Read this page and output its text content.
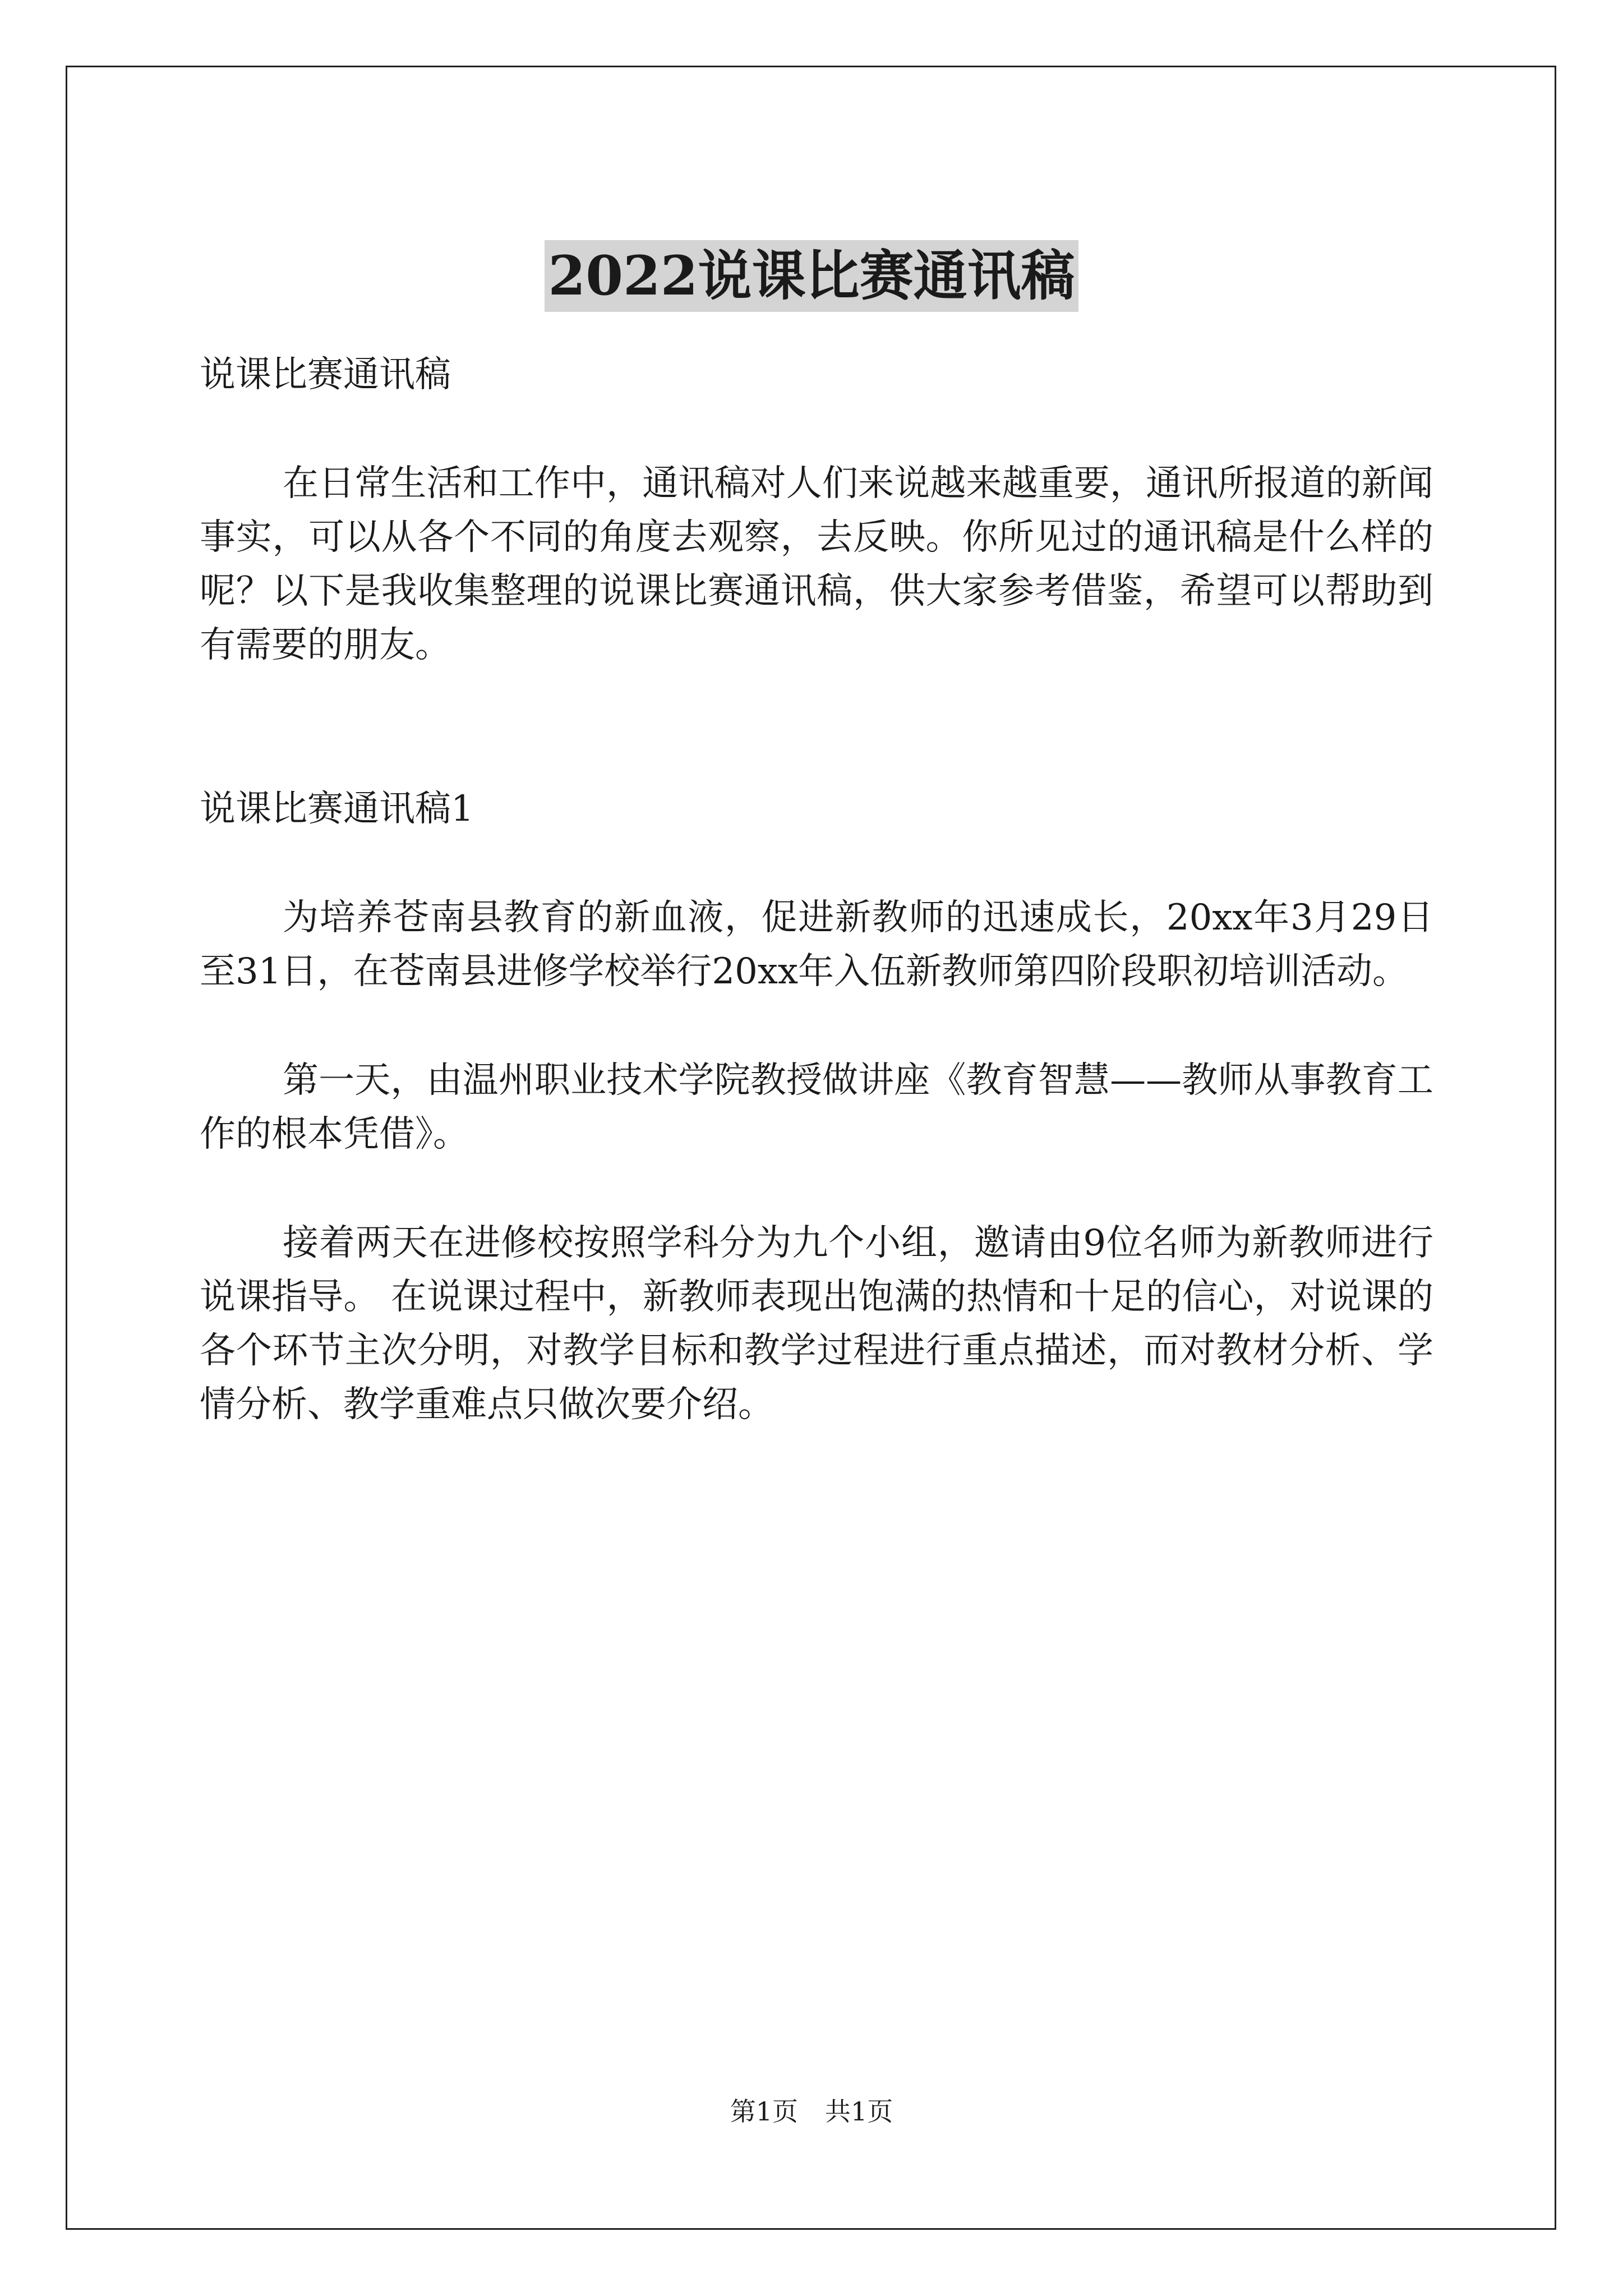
2022说课比赛通讯稿

说课比赛通讯稿

在日常生活和工作中，通讯稿对人们来说越来越重要，通讯所报道的新闻事实，可以从各个不同的角度去观察，去反映。你所见过的通讯稿是什么样的呢？以下是我收集整理的说课比赛通讯稿，供大家参考借鉴，希望可以帮助到有需要的朋友。

说课比赛通讯稿1

为培养苍南县教育的新血液，促进新教师的迅速成长，20xx年3月29日至31日，在苍南县进修学校举行20xx年入伍新教师第四阶段职初培训活动。

第一天，由温州职业技术学院教授做讲座《教育智慧——教师从事教育工作的根本凭借》。

接着两天在进修校按照学科分为九个小组，邀请由9位名师为新教师进行说课指导。 在说课过程中，新教师表现出饱满的热情和十足的信心，对说课的各个环节主次分明，对教学目标和教学过程进行重点描述，而对教材分析、学情分析、教学重难点只做次要介绍。

第1页 共1页
